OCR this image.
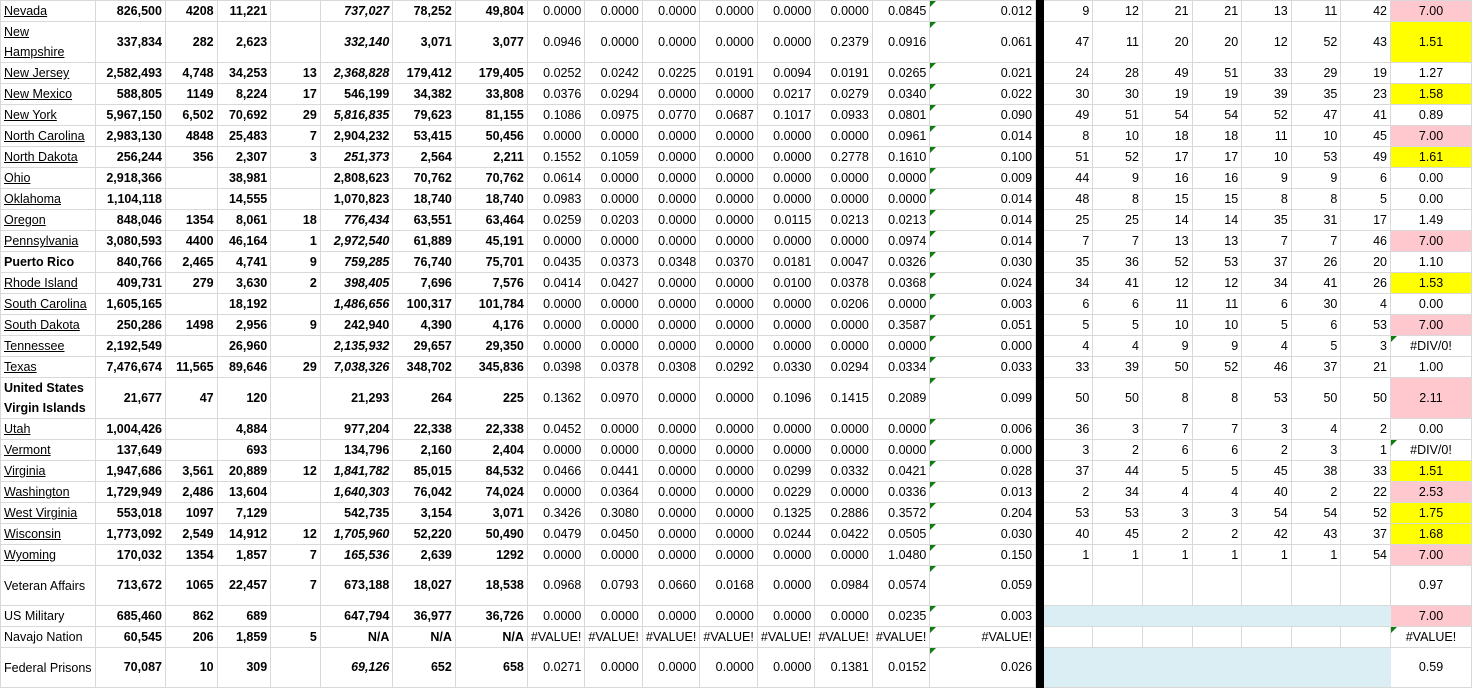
Nevada	826,500	4208	11,221		737,027	78,252	49,804	0.0000	0.0000	0.0000	0.0000	0.0000	0.0000	0.0845	0.012		9	12	21	21	13	11	42	7.00
New Hampshire	337,834	282	2,623		332,140	3,071	3,077	0.0946	0.0000	0.0000	0.0000	0.0000	0.2379	0.0916	0.061		47	11	20	20	12	52	43	1.51
New Jersey	2,582,493	4,748	34,253	13	2,368,828	179,412	179,405	0.0252	0.0242	0.0225	0.0191	0.0094	0.0191	0.0265	0.021		24	28	49	51	33	29	19	1.27
New Mexico	588,805	1149	8,224	17	546,199	34,382	33,808	0.0376	0.0294	0.0000	0.0000	0.0217	0.0279	0.0340	0.022		30	30	19	19	39	35	23	1.58
New York	5,967,150	6,502	70,692	29	5,816,835	79,623	81,155	0.1086	0.0975	0.0770	0.0687	0.1017	0.0933	0.0801	0.090		49	51	54	54	52	47	41	0.89
North Carolina	2,983,130	4848	25,483	7	2,904,232	53,415	50,456	0.0000	0.0000	0.0000	0.0000	0.0000	0.0000	0.0961	0.014		8	10	18	18	11	10	45	7.00
North Dakota	256,244	356	2,307	3	251,373	2,564	2,211	0.1552	0.1059	0.0000	0.0000	0.0000	0.2778	0.1610	0.100		51	52	17	17	10	53	49	1.61
Ohio	2,918,366		38,981		2,808,623	70,762	70,762	0.0614	0.0000	0.0000	0.0000	0.0000	0.0000	0.0000	0.009		44	9	16	16	9	9	6	0.00
Oklahoma	1,104,118		14,555		1,070,823	18,740	18,740	0.0983	0.0000	0.0000	0.0000	0.0000	0.0000	0.0000	0.014		48	8	15	15	8	8	5	0.00
Oregon	848,046	1354	8,061	18	776,434	63,551	63,464	0.0259	0.0203	0.0000	0.0000	0.0115	0.0213	0.0213	0.014		25	25	14	14	35	31	17	1.49
Pennsylvania	3,080,593	4400	46,164	1	2,972,540	61,889	45,191	0.0000	0.0000	0.0000	0.0000	0.0000	0.0000	0.0974	0.014		7	7	13	13	7	7	46	7.00
Puerto Rico	840,766	2,465	4,741	9	759,285	76,740	75,701	0.0435	0.0373	0.0348	0.0370	0.0181	0.0047	0.0326	0.030		35	36	52	53	37	26	20	1.10
Rhode Island	409,731	279	3,630	2	398,405	7,696	7,576	0.0414	0.0427	0.0000	0.0000	0.0100	0.0378	0.0368	0.024		34	41	12	12	34	41	26	1.53
South Carolina	1,605,165		18,192		1,486,656	100,317	101,784	0.0000	0.0000	0.0000	0.0000	0.0000	0.0206	0.0000	0.003		6	6	11	11	6	30	4	0.00
South Dakota	250,286	1498	2,956	9	242,940	4,390	4,176	0.0000	0.0000	0.0000	0.0000	0.0000	0.0000	0.3587	0.051		5	5	10	10	5	6	53	7.00
Tennessee	2,192,549		26,960		2,135,932	29,657	29,350	0.0000	0.0000	0.0000	0.0000	0.0000	0.0000	0.0000	0.000		4	4	9	9	4	5	3	#DIV/0!
Texas	7,476,674	11,565	89,646	29	7,038,326	348,702	345,836	0.0398	0.0378	0.0308	0.0292	0.0330	0.0294	0.0334	0.033		33	39	50	52	46	37	21	1.00
United States Virgin Islands	21,677	47	120		21,293	264	225	0.1362	0.0970	0.0000	0.0000	0.1096	0.1415	0.2089	0.099		50	50	8	8	53	50	50	2.11
Utah	1,004,426		4,884		977,204	22,338	22,338	0.0452	0.0000	0.0000	0.0000	0.0000	0.0000	0.0000	0.006		36	3	7	7	3	4	2	0.00
Vermont	137,649		693		134,796	2,160	2,404	0.0000	0.0000	0.0000	0.0000	0.0000	0.0000	0.0000	0.000		3	2	6	6	2	3	1	#DIV/0!
Virginia	1,947,686	3,561	20,889	12	1,841,782	85,015	84,532	0.0466	0.0441	0.0000	0.0000	0.0299	0.0332	0.0421	0.028		37	44	5	5	45	38	33	1.51
Washington	1,729,949	2,486	13,604		1,640,303	76,042	74,024	0.0000	0.0364	0.0000	0.0000	0.0229	0.0000	0.0336	0.013		2	34	4	4	40	2	22	2.53
West Virginia	553,018	1097	7,129		542,735	3,154	3,071	0.3426	0.3080	0.0000	0.0000	0.1325	0.2886	0.3572	0.204		53	53	3	3	54	54	52	1.75
Wisconsin	1,773,092	2,549	14,912	12	1,705,960	52,220	50,490	0.0479	0.0450	0.0000	0.0000	0.0244	0.0422	0.0505	0.030		40	45	2	2	42	43	37	1.68
Wyoming	170,032	1354	1,857	7	165,536	2,639	1292	0.0000	0.0000	0.0000	0.0000	0.0000	0.0000	1.0480	0.150		1	1	1	1	1	1	54	7.00
Veteran Affairs	713,672	1065	22,457	7	673,188	18,027	18,538	0.0968	0.0793	0.0660	0.0168	0.0000	0.0984	0.0574	0.059									0.97
US Military	685,460	862	689		647,794	36,977	36,726	0.0000	0.0000	0.0000	0.0000	0.0000	0.0000	0.0235	0.003									7.00
Navajo Nation	60,545	206	1,859	5	N/A	N/A	N/A	#VALUE!	#VALUE!	#VALUE!	#VALUE!	#VALUE!	#VALUE!	#VALUE!	#VALUE!									#VALUE!
Federal Prisons	70,087	10	309		69,126	652	658	0.0271	0.0000	0.0000	0.0000	0.0000	0.1381	0.0152	0.026									0.59
